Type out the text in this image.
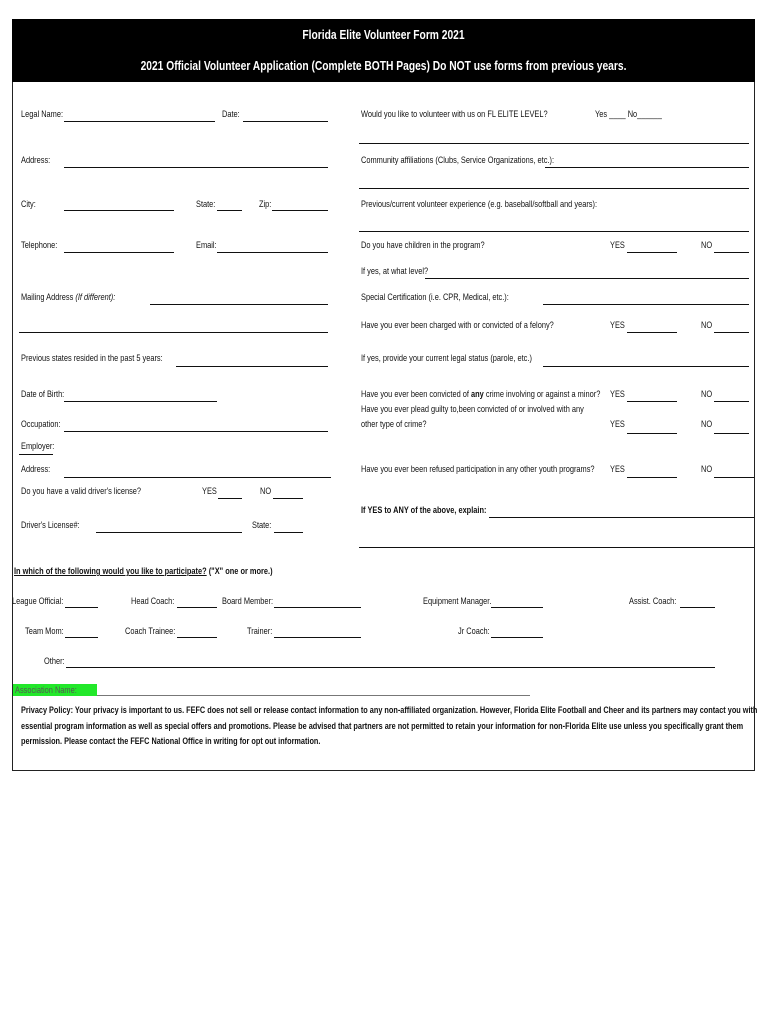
Florida Elite Volunteer Form 2021
2021 Official Volunteer Application (Complete BOTH Pages) Do NOT use forms from previous years.
Legal Name:	Date:
Address:
City:	State:	Zip:
Telephone:	Email:
Mailing Address (If different):
Previous states resided in the past 5 years:
Date of Birth:
Occupation:
Employer:
Address:
Do you have a valid driver's license?	YES	NO
Driver's License#:	State:
Would you like to volunteer with us on FL ELITE LEVEL?	Yes ____ No______
Community affiliations (Clubs, Service Organizations, etc.):
Previous/current volunteer experience (e.g. baseball/softball and years):
Do you have children in the program?	YES	NO
If yes, at what level?
Special Certification (i.e. CPR, Medical, etc.):
Have you ever been charged with or convicted of a felony?	YES	NO
If yes, provide your current legal status (parole, etc.)
Have you ever been convicted of any crime involving or against a minor? YES	NO
Have you ever plead guilty to,been convicted of or involved with any
other type of crime?	YES	NO
Have you ever been refused participation in any other youth programs? YES	NO
If YES to ANY of the above, explain:
In which of the following would you like to participate? ("X" one or more.)
League Official:	Head Coach:	Board Member:	Equipment Manager.	Assist. Coach:
Team Mom:	Coach Trainee:	Trainer:	Jr Coach:
Other:
Association Name:
Privacy Policy: Your privacy is important to us. FEFC does not sell or release contact information to any non-affiliated organization. However, Florida Elite Football and Cheer and its partners may contact you with
essential program information as well as special offers and promotions. Please be advised that partners are not permitted to retain your information for non-Florida Elite use unless you specifically grant them
permission. Please contact the FEFC National Office in writing for opt out information.
